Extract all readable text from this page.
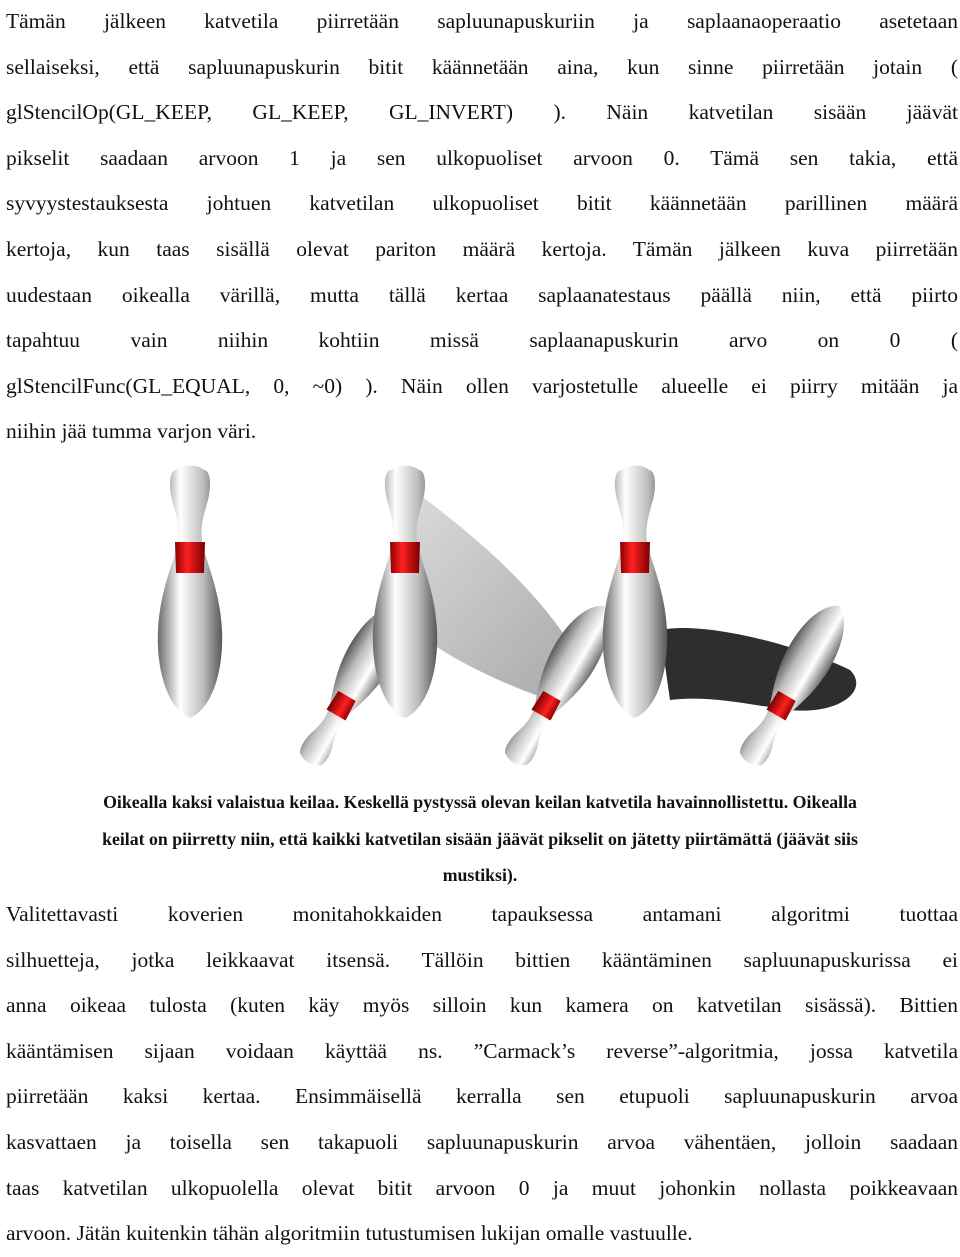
Tämän jälkeen katvetila piirretään sapluunapuskuriin ja saplaanaoperaatio asetetaan
sellaiseksi, että sapluunapuskurin bitit käännetään aina, kun sinne piirretään jotain (
glStencilOp(GL_KEEP, GL_KEEP, GL_INVERT) ). Näin katvetilan sisään jäävät
pikselit saadaan arvoon 1 ja sen ulkopuoliset arvoon 0. Tämä sen takia, että
syvyystestauksesta johtuen katvetilan ulkopuoliset bitit käännetään parillinen määrä
kertoja, kun taas sisällä olevat pariton määrä kertoja. Tämän jälkeen kuva piirretään
uudestaan oikealla värillä, mutta tällä kertaa saplaanatestaus päällä niin, että piirto
tapahtuu vain niihin kohtiin missä saplaanapuskurin arvo on 0 (
glStencilFunc(GL_EQUAL, 0, ~0) ). Näin ollen varjostetulle alueelle ei piirry mitään ja
niihin jää tumma varjon väri.
Oikealla kaksi valaistua keilaa. Keskellä pystyssä olevan keilan katvetila havainnollistettu. Oikealla
keilat on piirretty niin, että kaikki katvetilan sisään jäävät pikselit on jätetty piirtämättä (jäävät siis
mustiksi).
Valitettavasti koverien monitahokkaiden tapauksessa antamani algoritmi tuottaa
silhuetteja, jotka leikkaavat itsensä. Tällöin bittien kääntäminen sapluunapuskurissa ei
anna oikeaa tulosta (kuten käy myös silloin kun kamera on katvetilan sisässä). Bittien
kääntämisen sijaan voidaan käyttää ns. ”Carmack’s reverse”-algoritmia, jossa katvetila
piirretään kaksi kertaa. Ensimmäisellä kerralla sen etupuoli sapluunapuskurin arvoa
kasvattaen ja toisella sen takapuoli sapluunapuskurin arvoa vähentäen, jolloin saadaan
taas katvetilan ulkopuolella olevat bitit arvoon 0 ja muut johonkin nollasta poikkeavaan
arvoon. Jätän kuitenkin tähän algoritmiin tutustumisen lukijan omalle vastuulle.
